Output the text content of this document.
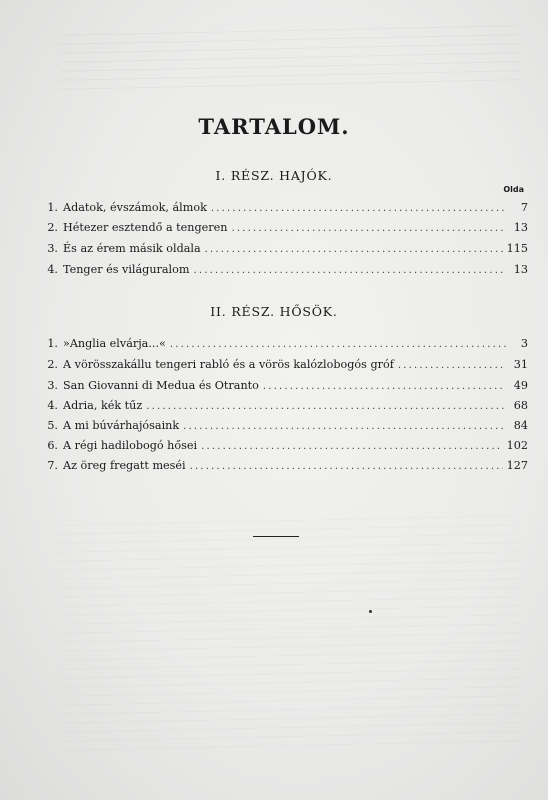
TARTALOM.
I. RÉSZ. HAJÓK.
Olda
1. Adatok, évszámok, álmok .....	7
2. Hétezer esztendő a tengeren .....	13
3. És az érem másik oldala .....	115
4. Tenger és világuralom .....	13
II. RÉSZ. HŐSÖK.
1. »Anglia elvárja...« .....	3
2. A vörösszakállu tengeri rabló és a vörös kalózlobogós gróf .....	31
3. San Giovanni di Medua és Otranto .....	49
4. Adria, kék tűz .....	68
5. A mi búvárhajósaink .....	84
6. A régi hadilobogó hősei .....	102
7. Az öreg fregatt meséi .....	127
